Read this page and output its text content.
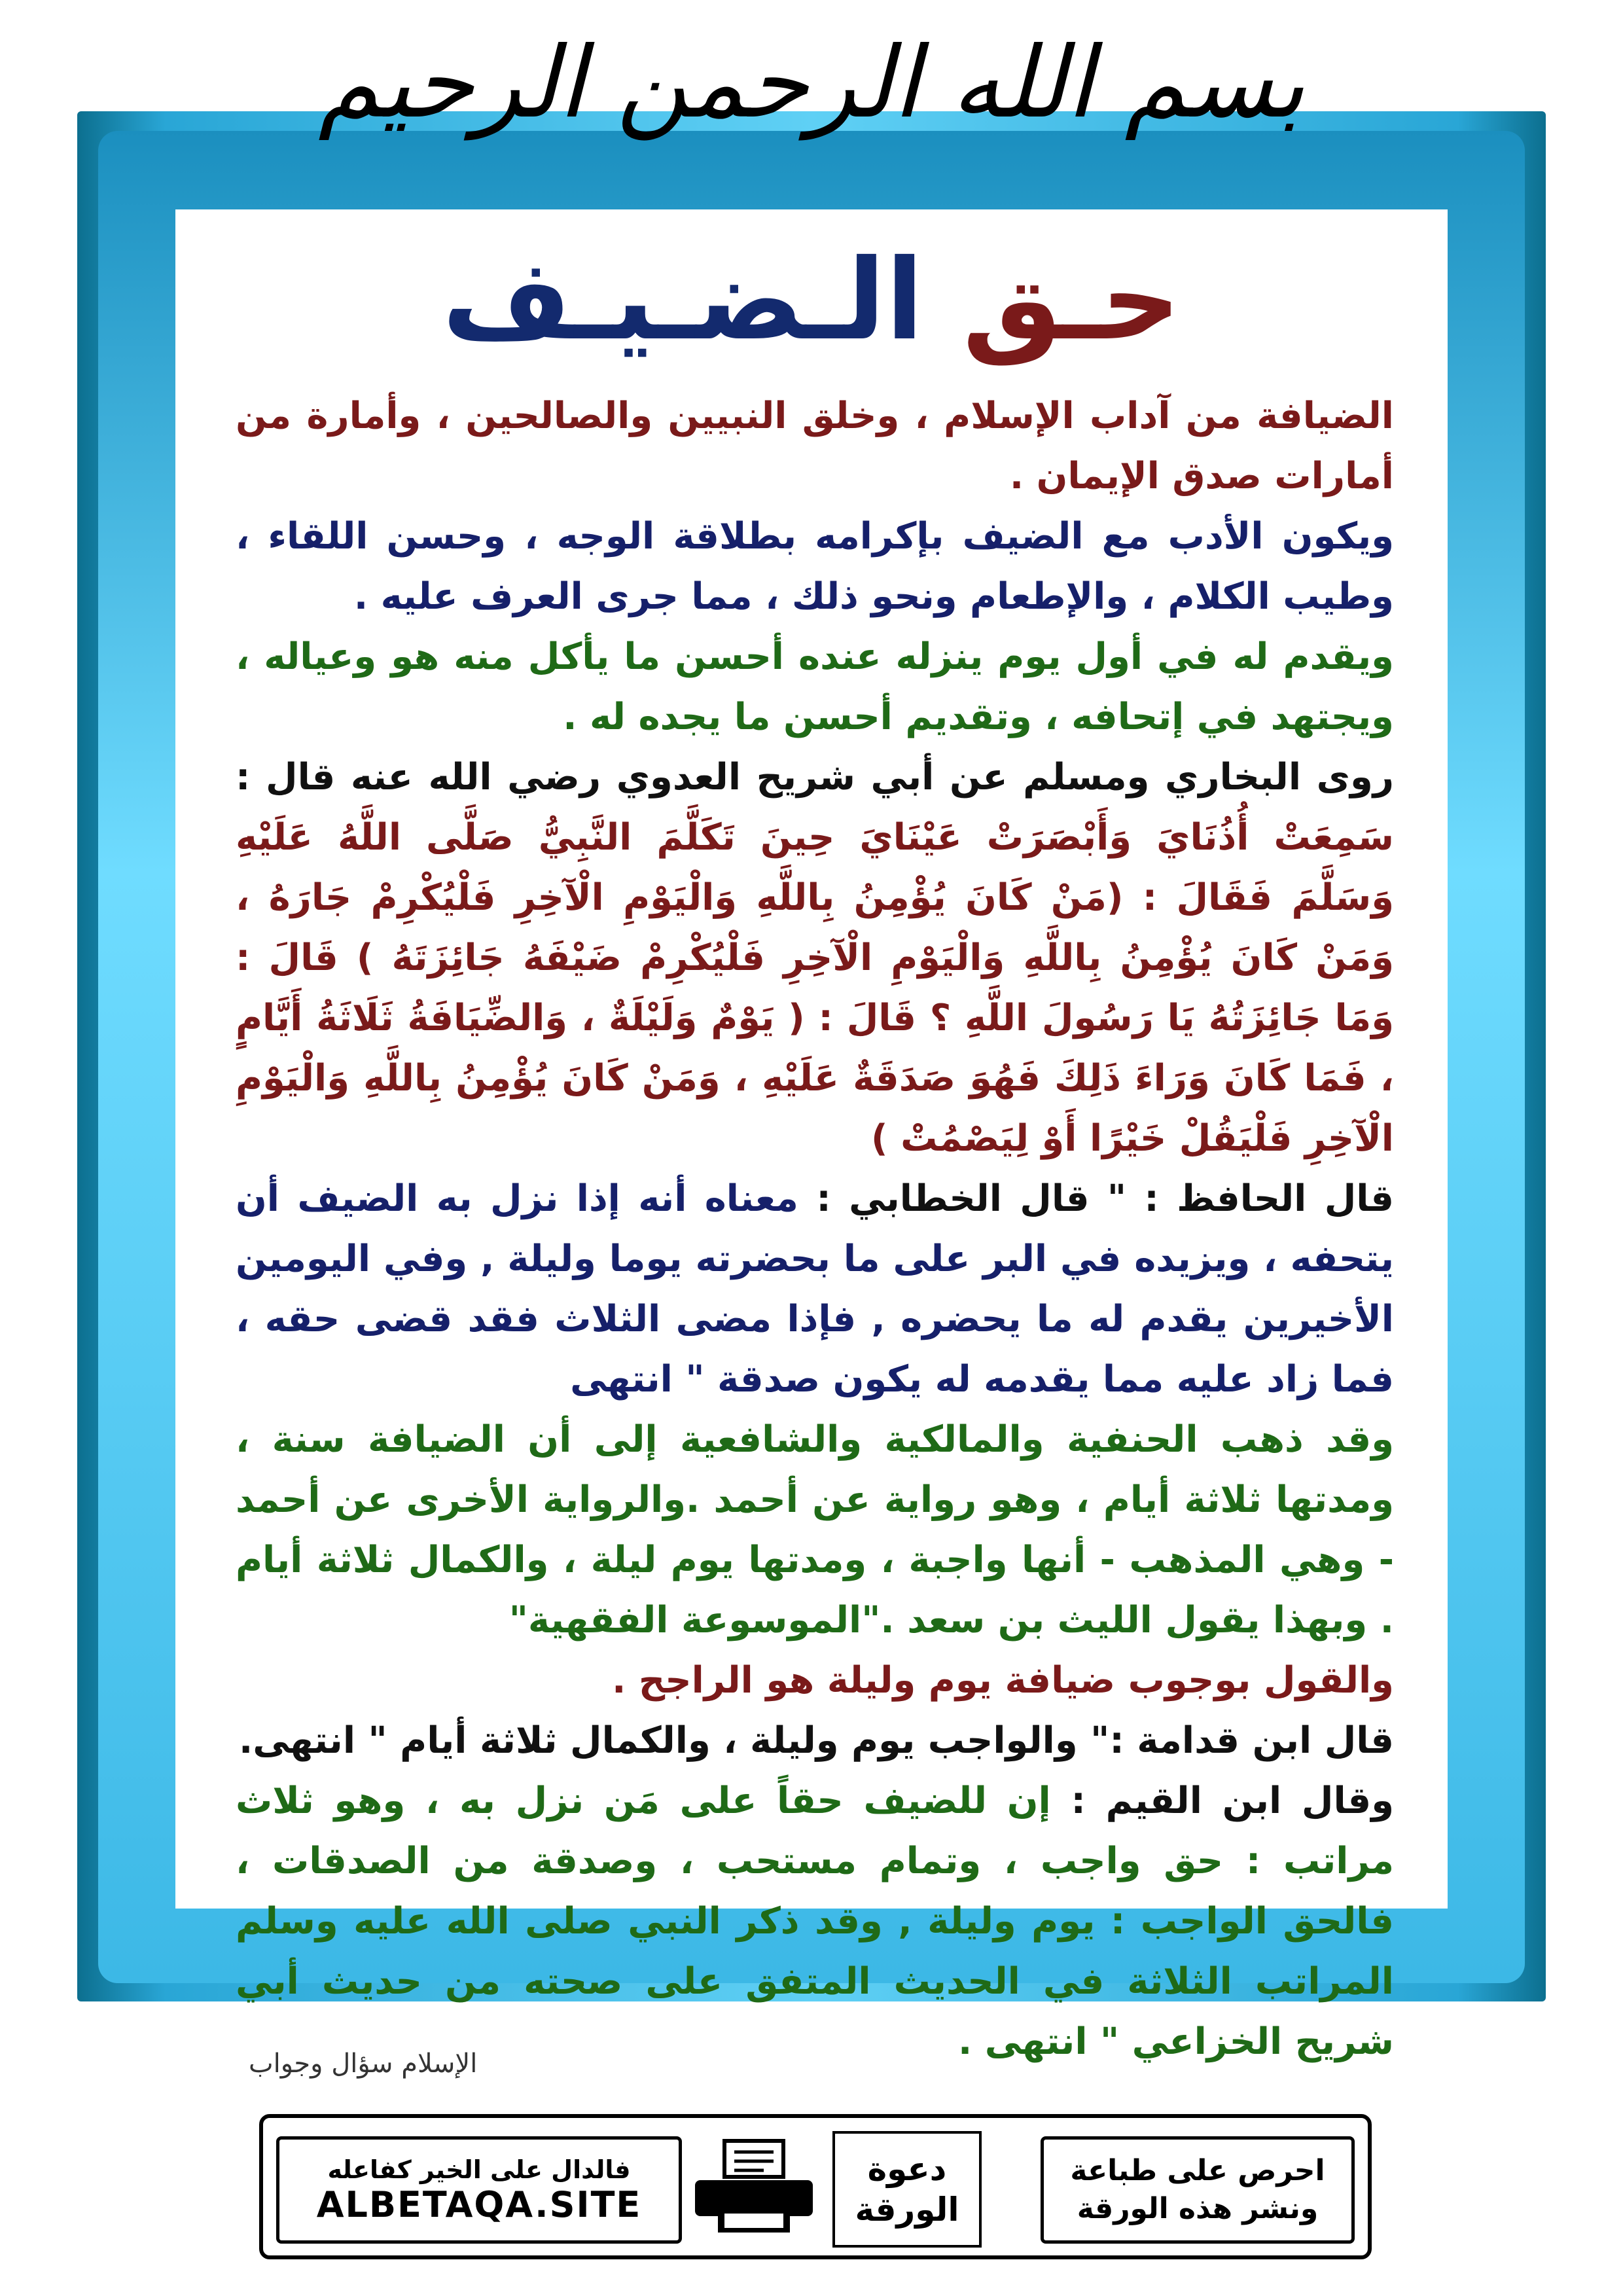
بسم الله الرحمن الرحيم
حـق الـضـيـف

الضيافة من آداب الإسلام ، وخلق النبيين والصالحين ، وأمارة من أمارات صدق الإيمان .

ويكون الأدب مع الضيف بإكرامه بطلاقة الوجه ، وحسن اللقاء ، وطيب الكلام ، والإطعام ونحو ذلك ، مما جرى العرف عليه .

ويقدم له في أول يوم ينزله عنده أحسن ما يأكل منه هو وعياله ، ويجتهد في إتحافه ، وتقديم أحسن ما يجده له .

روى البخاري ومسلم عن أبي شريح العدوي رضي الله عنه قال : سَمِعَتْ أُذُنَايَ وَأَبْصَرَتْ عَيْنَايَ حِينَ تَكَلَّمَ النَّبِيُّ صَلَّى اللَّهُ عَلَيْهِ وَسَلَّمَ فَقَالَ : (مَنْ كَانَ يُؤْمِنُ بِاللَّهِ وَالْيَوْمِ الْآخِرِ فَلْيُكْرِمْ جَارَهُ ، وَمَنْ كَانَ يُؤْمِنُ بِاللَّهِ وَالْيَوْمِ الْآخِرِ فَلْيُكْرِمْ ضَيْفَهُ جَائِزَتَهُ ) قَالَ : وَمَا جَائِزَتُهُ يَا رَسُولَ اللَّهِ ؟ قَالَ : ( يَوْمٌ وَلَيْلَةٌ ، وَالضِّيَافَةُ ثَلَاثَةُ أَيَّامٍ ، فَمَا كَانَ وَرَاءَ ذَلِكَ فَهُوَ صَدَقَةٌ عَلَيْهِ ، وَمَنْ كَانَ يُؤْمِنُ بِاللَّهِ وَالْيَوْمِ الْآخِرِ فَلْيَقُلْ خَيْرًا أَوْ لِيَصْمُتْ )

قال الحافظ : " قال الخطابي : معناه أنه إذا نزل به الضيف أن يتحفه ، ويزيده في البر على ما بحضرته يوما وليلة , وفي اليومين الأخيرين يقدم له ما يحضره , فإذا مضى الثلاث فقد قضى حقه ، فما زاد عليه مما يقدمه له يكون صدقة " انتهى

وقد ذهب الحنفية والمالكية والشافعية إلى أن الضيافة سنة ، ومدتها ثلاثة أيام ، وهو رواية عن أحمد .والرواية الأخرى عن أحمد - وهي المذهب - أنها واجبة ، ومدتها يوم ليلة ، والكمال ثلاثة أيام . وبهذا يقول الليث بن سعد ."الموسوعة الفقهية"

والقول بوجوب ضيافة يوم وليلة هو الراجح .

قال ابن قدامة :" والواجب يوم وليلة ، والكمال ثلاثة أيام " انتهى.

وقال ابن القيم : إن للضيف حقاً على مَن نزل به ، وهو ثلاث مراتب : حق واجب ، وتمام مستحب ، وصدقة من الصدقات ، فالحق الواجب : يوم وليلة , وقد ذكر النبي صلى الله عليه وسلم المراتب الثلاثة في الحديث المتفق على صحته من حديث أبي شريح الخزاعي " انتهى .

الإسلام سؤال وجواب
احرص على طباعة
ونشر هذه الورقة
دعوة
الورقة
فالدال على الخير كفاعله
ALBETAQA.SITE
